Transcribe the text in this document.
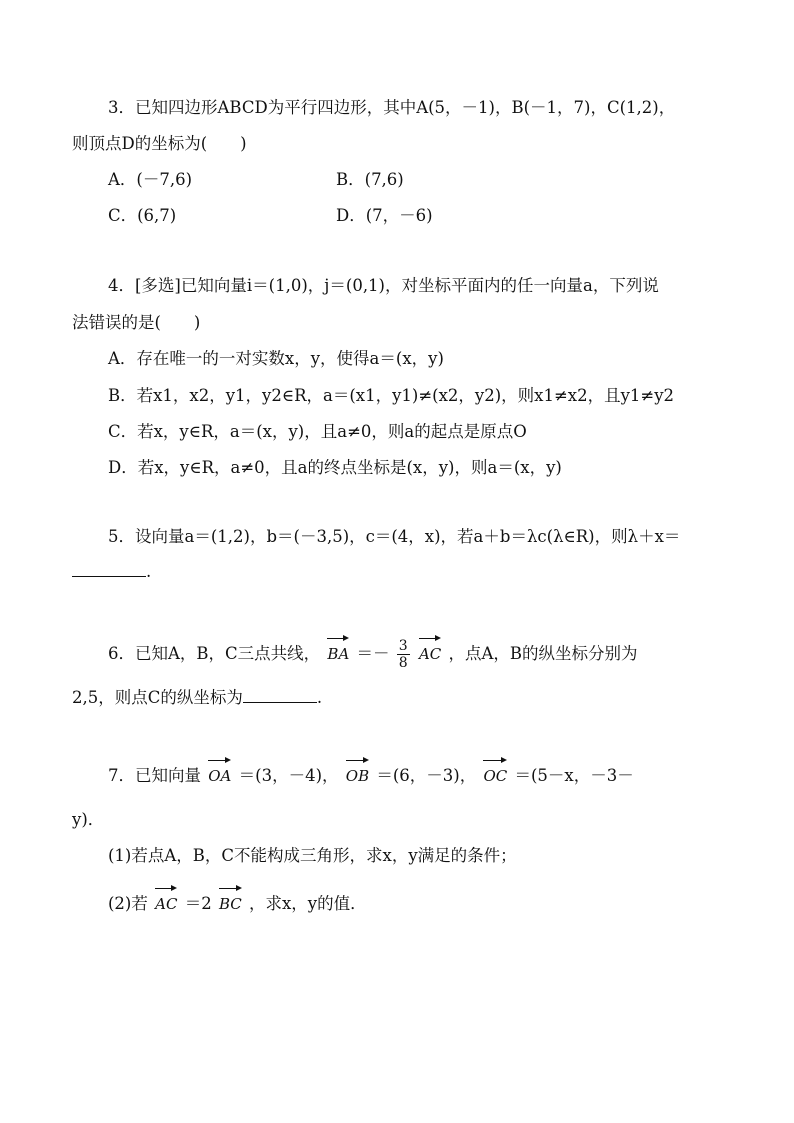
3．已知四边形ABCD为平行四边形，其中A(5，－1)，B(－1，7)，C(1,2)，
则顶点D的坐标为(　　)
A．(－7,6)	B．(7,6)
C．(6,7)	D．(7，－6)
4．[多选]已知向量i＝(1,0)，j＝(0,1)，对坐标平面内的任一向量a，下列说
法错误的是(　　)
A．存在唯一的一对实数x，y，使得a＝(x，y)
B．若x1，x2，y1，y2∈R，a＝(x1，y1)≠(x2，y2)，则x1≠x2，且y1≠y2
C．若x，y∈R，a＝(x，y)，且a≠0，则a的起点是原点O
D．若x，y∈R，a≠0，且a的终点坐标是(x，y)，则a＝(x，y)
5．设向量a＝(1,2)，b＝(－3,5)，c＝(4，x)，若a＋b＝λc(λ∈R)，则λ＋x＝
.
6．已知A，B，C三点共线， BA ＝－ $\frac{3}{8}$ AC ，点A，B的纵坐标分别为
2,5，则点C的纵坐标为	.
7．已知向量 OA ＝(3，－4)， OB ＝(6，－3)， OC ＝(5－x，－3－
y)．
(1)若点A，B，C不能构成三角形，求x，y满足的条件；
(2)若 AC ＝2 BC ，求x，y的值．
